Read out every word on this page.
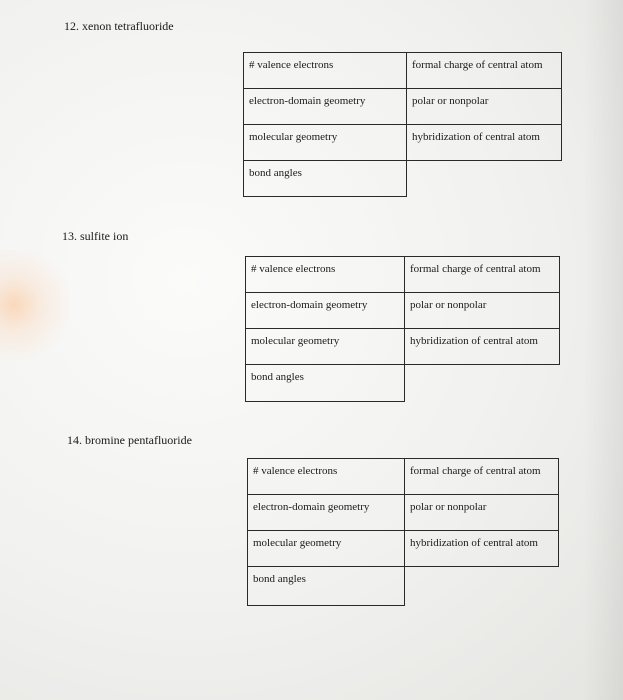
12. xenon tetrafluoride
# valence electrons	formal charge of central atom
electron-domain geometry	polar or nonpolar
molecular geometry	hybridization of central atom
bond angles
13. sulfite ion
# valence electrons	formal charge of central atom
electron-domain geometry	polar or nonpolar
molecular geometry	hybridization of central atom
bond angles
14. bromine pentafluoride
# valence electrons	formal charge of central atom
electron-domain geometry	polar or nonpolar
molecular geometry	hybridization of central atom
bond angles
